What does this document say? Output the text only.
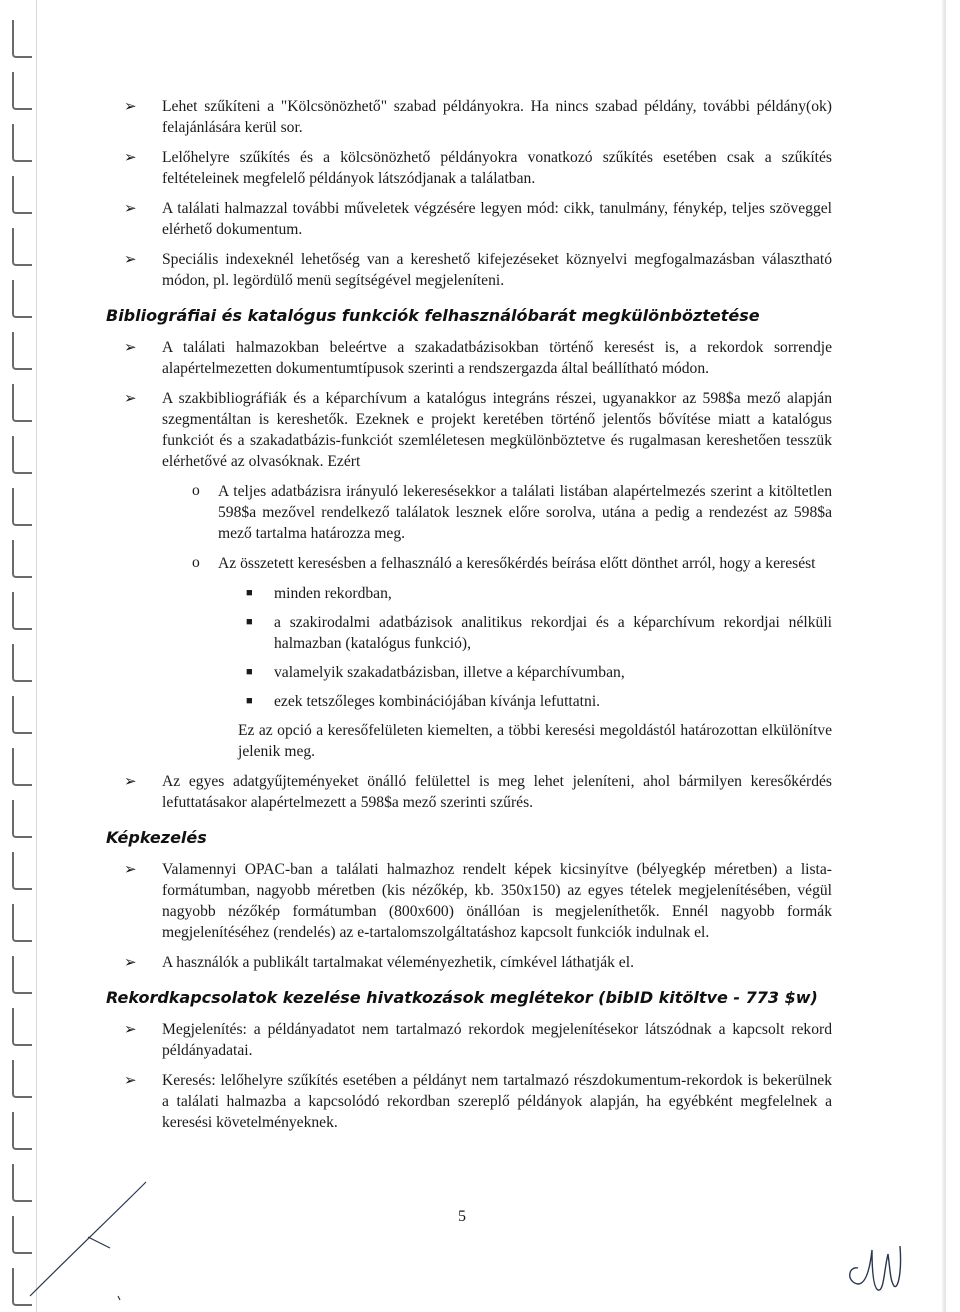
➢ Lehet szűkíteni a "Kölcsönözhető" szabad példányokra. Ha nincs szabad példány, további példány(ok) felajánlására kerül sor.
➢ Lelőhelyre szűkítés és a kölcsönözhető példányokra vonatkozó szűkítés esetében csak a szűkítés feltételeinek megfelelő példányok látszódjanak a találatban.
➢ A találati halmazzal további műveletek végzésére legyen mód: cikk, tanulmány, fénykép, teljes szöveggel elérhető dokumentum.
➢ Speciális indexeknél lehetőség van a kereshető kifejezéseket köznyelvi megfogalmazásban választható módon, pl. legördülő menü segítségével megjeleníteni.
Bibliográfiai és katalógus funkciók felhasználóbarát megkülönböztetése
➢ A találati halmazokban beleértve a szakadatbázisokban történő keresést is, a rekordok sorrendje alapértelmezetten dokumentumtípusok szerinti a rendszergazda által beállítható módon.
➢ A szakbibliográfiák és a képarchívum a katalógus integráns részei, ugyanakkor az 598$a mező alapján szegmentáltan is kereshetők. Ezeknek e projekt keretében történő jelentős bővítése miatt a katalógus funkciót és a szakadatbázis-funkciót szemléletesen megkülönböztetve és rugalmasan kereshetően tesszük elérhetővé az olvasóknak. Ezért
o A teljes adatbázisra irányuló lekeresésekkor a találati listában alapértelmezés szerint a kitöltetlen 598$a mezővel rendelkező találatok lesznek előre sorolva, utána a pedig a rendezést az 598$a mező tartalma határozza meg.
o Az összetett keresésben a felhasználó a keresőkérdés beírása előtt dönthet arról, hogy a keresést
■ minden rekordban,
■ a szakirodalmi adatbázisok analitikus rekordjai és a képarchívum rekordjai nélküli halmazban (katalógus funkció),
■ valamelyik szakadatbázisban, illetve a képarchívumban,
■ ezek tetszőleges kombinációjában kívánja lefuttatni.
Ez az opció a keresőfelületen kiemelten, a többi keresési megoldástól határozottan elkülönítve jelenik meg.
➢ Az egyes adatgyűjteményeket önálló felülettel is meg lehet jeleníteni, ahol bármilyen keresőkérdés lefuttatásakor alapértelmezett a 598$a mező szerinti szűrés.
Képkezelés
➢ Valamennyi OPAC-ban a találati halmazhoz rendelt képek kicsinyítve (bélyegkép méretben) a lista-formátumban, nagyobb méretben (kis nézőkép, kb. 350x150) az egyes tételek megjelenítésében, végül nagyobb nézőkép formátumban (800x600) önállóan is megjeleníthetők. Ennél nagyobb formák megjelenítéséhez (rendelés) az e-tartalomszolgáltatáshoz kapcsolt funkciók indulnak el.
➢ A használók a publikált tartalmakat véleményezhetik, címkével láthatják el.
Rekordkapcsolatok kezelése hivatkozások meglétekor (bibID kitöltve - 773 $w)
➢ Megjelenítés: a példányadatot nem tartalmazó rekordok megjelenítésekor látszódnak a kapcsolt rekord példányadatai.
➢ Keresés: lelőhelyre szűkítés esetében a példányt nem tartalmazó részdokumentum-rekordok is bekerülnek a találati halmazba a kapcsolódó rekordban szereplő példányok alapján, ha egyébként megfelelnek a keresési követelményeknek.
5
